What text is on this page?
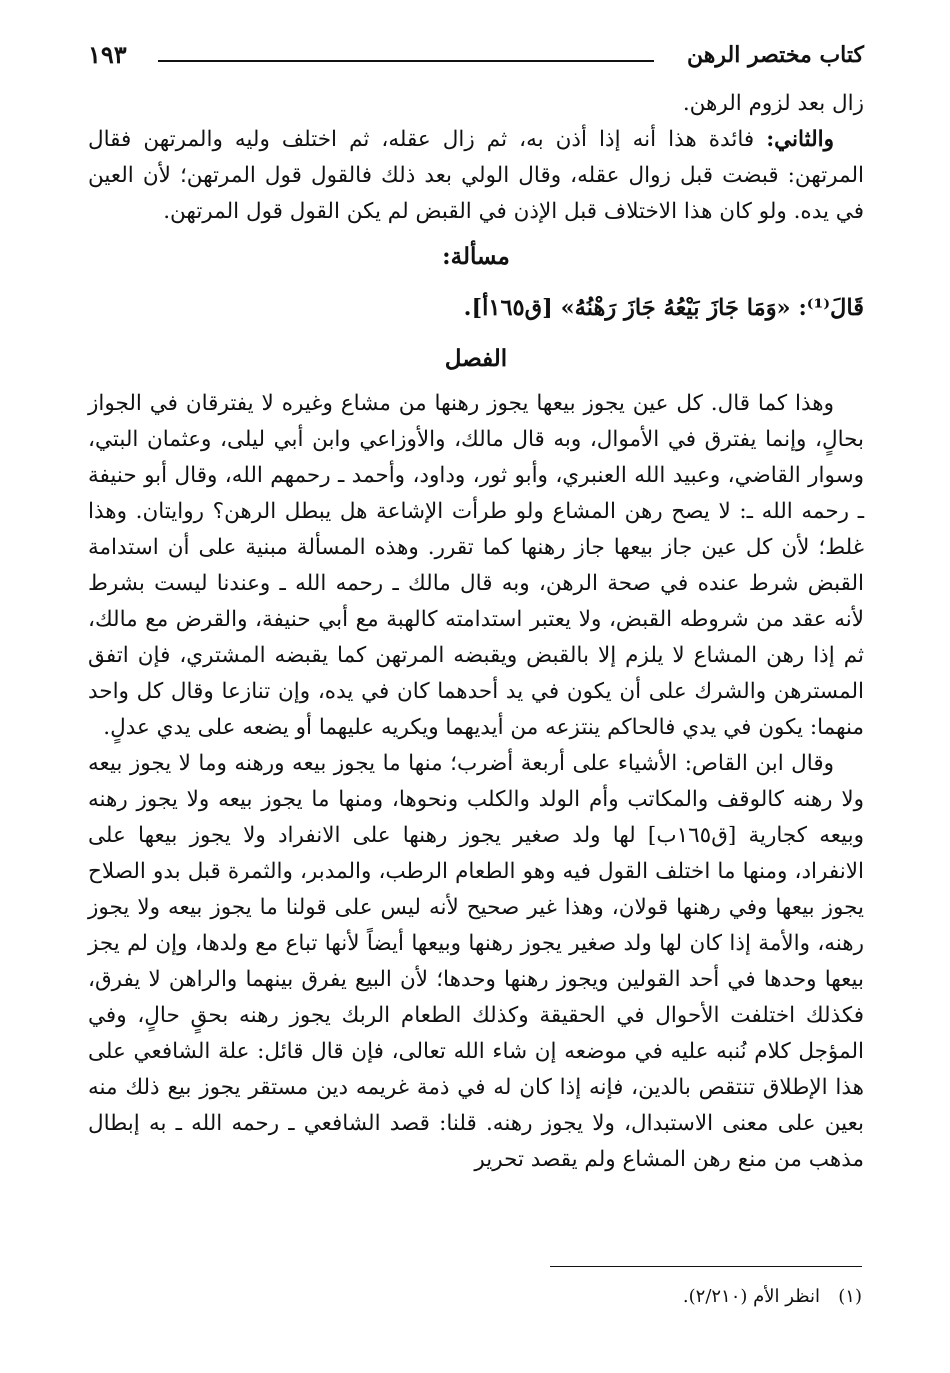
كتاب مختصر الرهن
١٩٣
زال بعد لزوم الرهن.
والثاني: فائدة هذا أنه إذا أذن به، ثم زال عقله، ثم اختلف وليه والمرتهن فقال المرتهن: قبضت قبل زوال عقله، وقال الولي بعد ذلك فالقول قول المرتهن؛ لأن العين في يده. ولو كان هذا الاختلاف قبل الإذن في القبض لم يكن القول قول المرتهن.
مسألة:
قَالَ⁽¹⁾: «وَمَا جَازَ بَيْعُهُ جَازَ رَهْنُهُ» [ق١٦٥أ].
الفصل
وهذا كما قال. كل عين يجوز بيعها يجوز رهنها من مشاع وغيره لا يفترقان في الجواز بحالٍ، وإنما يفترق في الأموال، وبه قال مالك، والأوزاعي وابن أبي ليلى، وعثمان البتي، وسوار القاضي، وعبيد الله العنبري، وأبو ثور، وداود، وأحمد ـ رحمهم الله، وقال أبو حنيفة ـ رحمه الله ـ: لا يصح رهن المشاع ولو طرأت الإشاعة هل يبطل الرهن؟ روايتان. وهذا غلط؛ لأن كل عين جاز بيعها جاز رهنها كما تقرر. وهذه المسألة مبنية على أن استدامة القبض شرط عنده في صحة الرهن، وبه قال مالك ـ رحمه الله ـ وعندنا ليست بشرط لأنه عقد من شروطه القبض، ولا يعتبر استدامته كالهبة مع أبي حنيفة، والقرض مع مالك، ثم إذا رهن المشاع لا يلزم إلا بالقبض ويقبضه المرتهن كما يقبضه المشتري، فإن اتفق المسترهن والشرك على أن يكون في يد أحدهما كان في يده، وإن تنازعا وقال كل واحد منهما: يكون في يدي فالحاكم ينتزعه من أيديهما ويكريه عليهما أو يضعه على يدي عدلٍ.
وقال ابن القاص: الأشياء على أربعة أضرب؛ منها ما يجوز بيعه ورهنه وما لا يجوز بيعه ولا رهنه كالوقف والمكاتب وأم الولد والكلب ونحوها، ومنها ما يجوز بيعه ولا يجوز رهنه وبيعه كجارية [ق١٦٥ب] لها ولد صغير يجوز رهنها على الانفراد ولا يجوز بيعها على الانفراد، ومنها ما اختلف القول فيه وهو الطعام الرطب، والمدبر، والثمرة قبل بدو الصلاح يجوز بيعها وفي رهنها قولان، وهذا غير صحيح لأنه ليس على قولنا ما يجوز بيعه ولا يجوز رهنه، والأمة إذا كان لها ولد صغير يجوز رهنها وبيعها أيضاً لأنها تباع مع ولدها، وإن لم يجز بيعها وحدها في أحد القولين ويجوز رهنها وحدها؛ لأن البيع يفرق بينهما والراهن لا يفرق، فكذلك اختلفت الأحوال في الحقيقة وكذلك الطعام الربك يجوز رهنه بحقٍ حالٍ، وفي المؤجل كلام نُنبه عليه في موضعه إن شاء الله تعالى، فإن قال قائل: علة الشافعي على هذا الإطلاق تنتقص بالدين، فإنه إذا كان له في ذمة غريمه دين مستقر يجوز بيع ذلك منه بعين على معنى الاستبدال، ولا يجوز رهنه. قلنا: قصد الشافعي ـ رحمه الله ـ به إبطال مذهب من منع رهن المشاع ولم يقصد تحرير
(١)انظر الأم (٢/٢١٠).
